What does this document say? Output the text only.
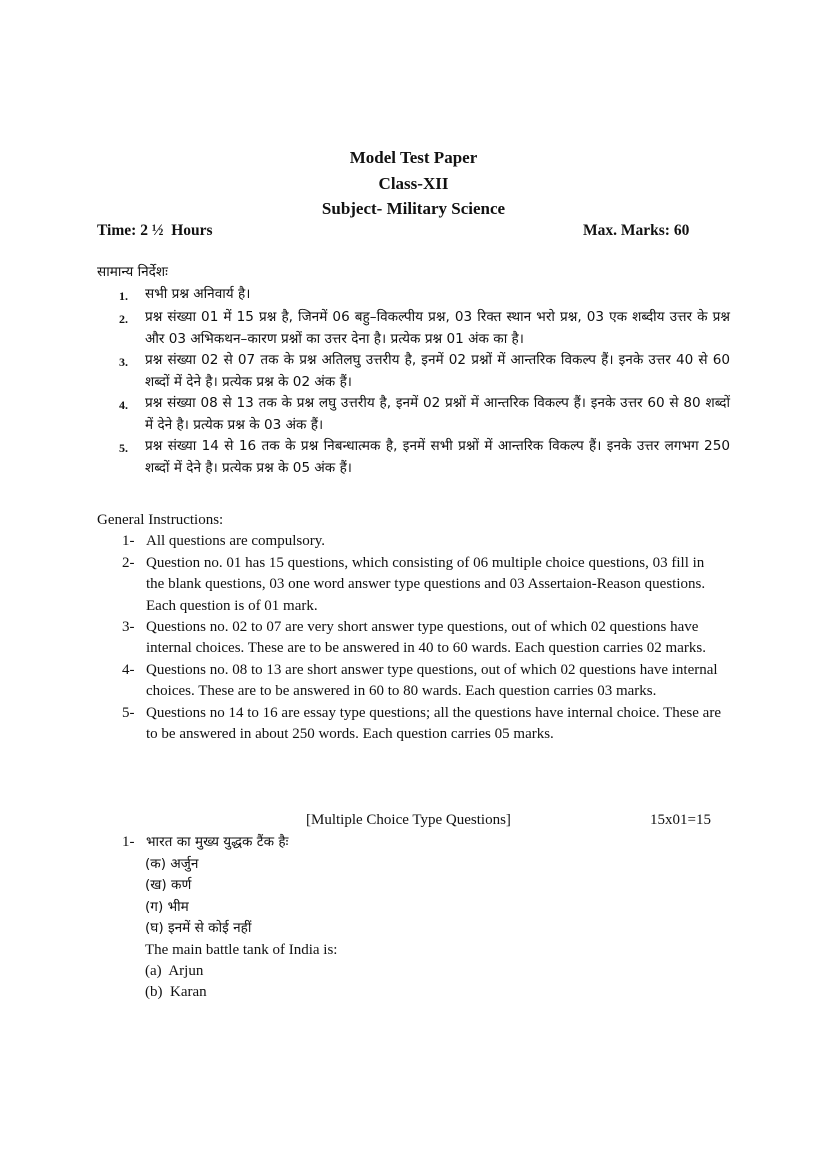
Model Test Paper
Class-XII
Subject- Military Science
Time: 2 ½  Hours	Max. Marks: 60
सामान्य निर्देशः
1.	सभी प्रश्न अनिवार्य है।
2.	प्रश्न संख्या 01 में 15 प्रश्न है, जिनमें 06 बहु–विकल्पीय प्रश्न, 03 रिक्त स्थान भरो प्रश्न, 03 एक शब्दीय उत्तर के प्रश्न और 03 अभिकथन–कारण प्रश्नों का उत्तर देना है। प्रत्येक प्रश्न 01 अंक का है।
3.	प्रश्न संख्या 02 से 07 तक के प्रश्न अतिलघु उत्तरीय है, इनमें 02 प्रश्नों में आन्तरिक विकल्प हैं। इनके उत्तर 40 से 60 शब्दों में देने है। प्रत्येक प्रश्न के 02 अंक हैं।
4.	प्रश्न संख्या 08 से 13 तक के प्रश्न लघु उत्तरीय है, इनमें 02 प्रश्नों में आन्तरिक विकल्प हैं। इनके उत्तर 60 से 80 शब्दों में देने है। प्रत्येक प्रश्न के 03 अंक हैं।
5.	प्रश्न संख्या 14 से 16 तक के प्रश्न निबन्धात्मक है, इनमें सभी प्रश्नों में आन्तरिक विकल्प हैं। इनके उत्तर लगभग 250 शब्दों में देने है। प्रत्येक प्रश्न के 05 अंक हैं।
General Instructions:
1- All questions are compulsory.
2- Question no. 01 has 15 questions, which consisting of 06 multiple choice questions, 03 fill in the blank questions, 03 one word answer type questions and 03 Assertaion-Reason questions. Each question is of 01 mark.
3- Questions no. 02 to 07 are very short answer type questions, out of which 02 questions have internal choices. These are to be answered in 40 to 60 wards. Each question carries 02 marks.
4- Questions no. 08 to 13 are short answer type questions, out of which 02 questions have internal choices. These are to be answered in 60 to 80 wards. Each question carries 03 marks.
5- Questions no 14 to 16 are essay type questions; all the questions have internal choice. These are to be answered in about 250 words. Each question carries 05 marks.
[Multiple Choice Type Questions]	15x01=15
1- भारत का मुख्य युद्धक टैंक हैः
(क) अर्जुन
(ख) कर्ण
(ग) भीम
(घ) इनमें से कोई नहीं
The main battle tank of India is:
(a)  Arjun
(b)  Karan
